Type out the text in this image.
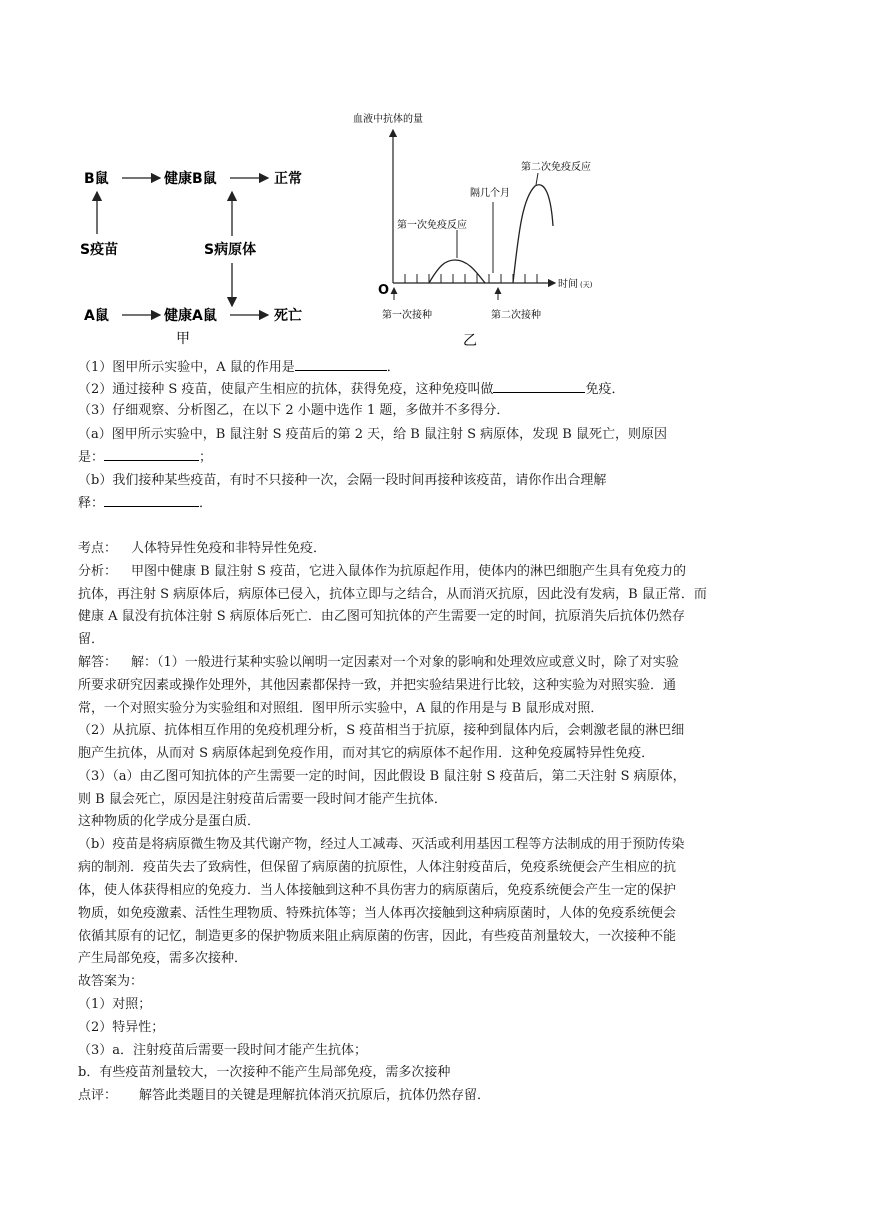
B鼠	健康B鼠	正常
S疫苗	S病原体
A鼠	健康A鼠	死亡
甲
血液中抗体的量
时间 (天)
O
第一次免疫反应
隔几个月
第二次免疫反应
第一次接种	第二次接种
乙
（1）图甲所示实验中，A 鼠的作用是	．
（2）通过接种 S 疫苗，使鼠产生相应的抗体，获得免疫，这种免疫叫做	免疫．
（3）仔细观察、分析图乙，在以下 2 小题中选作 1 题，多做并不多得分．
（a）图甲所示实验中，B 鼠注射 S 疫苗后的第 2 天，给 B 鼠注射 S 病原体，发现 B 鼠死亡，则原因
是：	；
（b）我们接种某些疫苗，有时不只接种一次，会隔一段时间再接种该疫苗，请你作出合理解
释：	．
考点： 人体特异性免疫和非特异性免疫．
分析： 甲图中健康 B 鼠注射 S 疫苗，它进入鼠体作为抗原起作用，使体内的淋巴细胞产生具有免疫力的
抗体，再注射 S 病原体后，病原体已侵入，抗体立即与之结合，从而消灭抗原，因此没有发病，B 鼠正常．而
健康 A 鼠没有抗体注射 S 病原体后死亡．由乙图可知抗体的产生需要一定的时间，抗原消失后抗体仍然存
留．
解答： 解：（1）一般进行某种实验以阐明一定因素对一个对象的影响和处理效应或意义时，除了对实验
所要求研究因素或操作处理外，其他因素都保持一致，并把实验结果进行比较，这种实验为对照实验．通
常，一个对照实验分为实验组和对照组．图甲所示实验中，A 鼠的作用是与 B 鼠形成对照．
（2）从抗原、抗体相互作用的免疫机理分析，S 疫苗相当于抗原，接种到鼠体内后，会刺激老鼠的淋巴细
胞产生抗体，从而对 S 病原体起到免疫作用，而对其它的病原体不起作用．这种免疫属特异性免疫．
（3）（a）由乙图可知抗体的产生需要一定的时间，因此假设 B 鼠注射 S 疫苗后，第二天注射 S 病原体，
则 B 鼠会死亡，原因是注射疫苗后需要一段时间才能产生抗体．
这种物质的化学成分是蛋白质．
（b）疫苗是将病原微生物及其代谢产物，经过人工减毒、灭活或利用基因工程等方法制成的用于预防传染
病的制剂．疫苗失去了致病性，但保留了病原菌的抗原性，人体注射疫苗后，免疫系统便会产生相应的抗
体，使人体获得相应的免疫力．当人体接触到这种不具伤害力的病原菌后，免疫系统便会产生一定的保护
物质，如免疫激素、活性生理物质、特殊抗体等；当人体再次接触到这种病原菌时，人体的免疫系统便会
依循其原有的记忆，制造更多的保护物质来阻止病原菌的伤害，因此，有些疫苗剂量较大，一次接种不能
产生局部免疫，需多次接种．
故答案为：
（1）对照；
（2）特异性；
（3）a．注射疫苗后需要一段时间才能产生抗体；
b．有些疫苗剂量较大，一次接种不能产生局部免疫，需多次接种
点评： 解答此类题目的关键是理解抗体消灭抗原后，抗体仍然存留．
